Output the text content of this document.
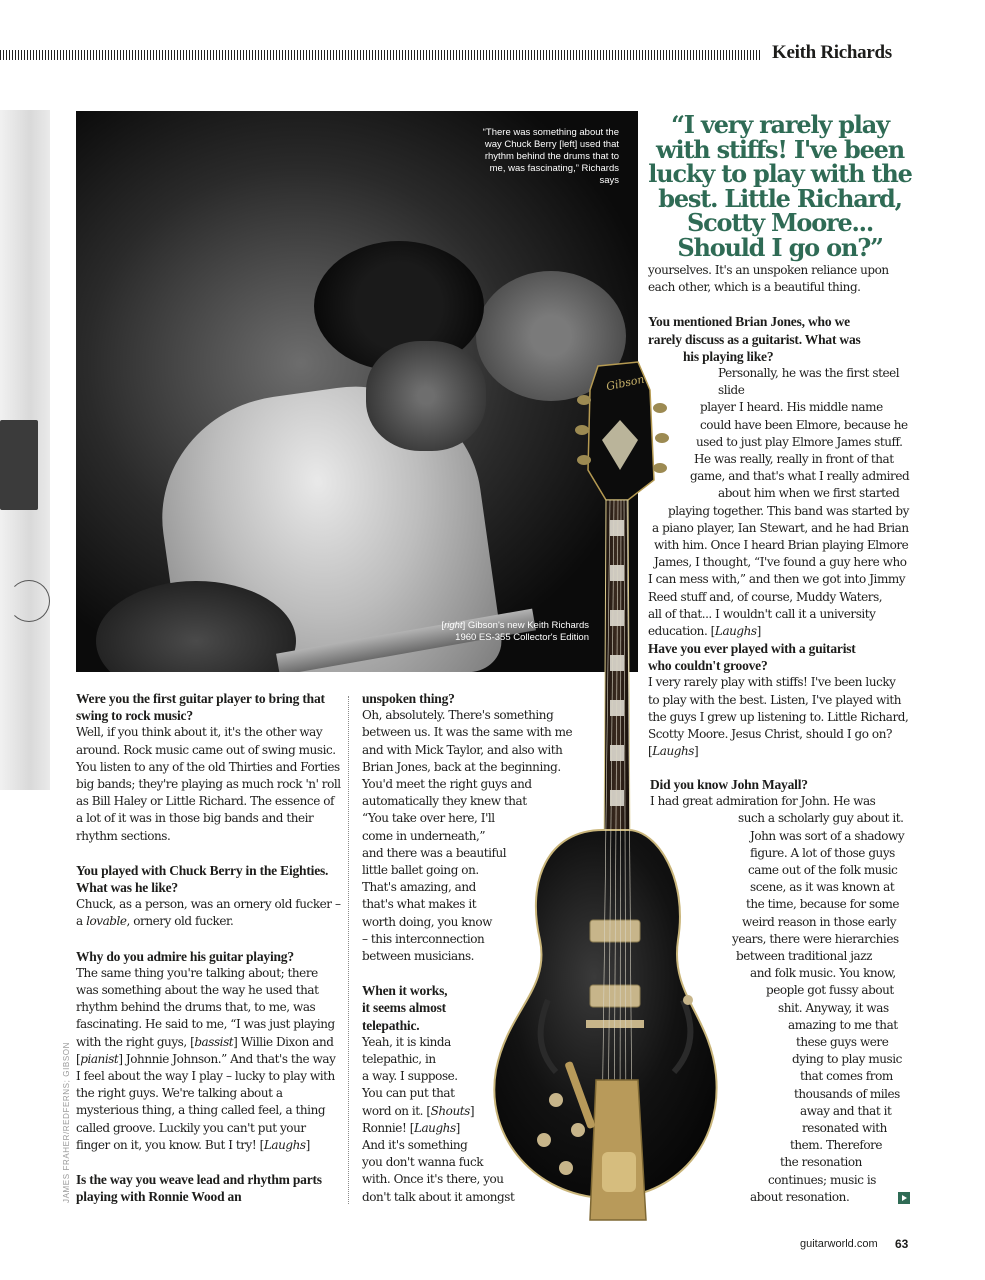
Keith Richards
“There was something about the way Chuck Berry [left] used that rhythm behind the drums that to me, was fascinating,” Richards says
[right] Gibson's new Keith Richards 1960 ES-355 Collector's Edition
“I very rarely play with stiffs! I've been lucky to play with the best. Little Richard, Scotty Moore... Should I go on?”
Were you the first guitar player to bring that swing to rock music?
Well, if you think about it, it's the other way around. Rock music came out of swing music. You listen to any of the old Thirties and Forties big bands; they're playing as much rock 'n' roll as Bill Haley or Little Richard. The essence of a lot of it was in those big bands and their rhythm sections.
You played with Chuck Berry in the Eighties. What was he like?
Chuck, as a person, was an ornery old fucker – a lovable, ornery old fucker.
Why do you admire his guitar playing?
The same thing you're talking about; there was something about the way he used that rhythm behind the drums that, to me, was fascinating. He said to me, “I was just playing with the right guys, [bassist] Willie Dixon and [pianist] Johnnie Johnson.” And that's the way I feel about the way I play – lucky to play with the right guys. We're talking about a mysterious thing, a thing called feel, a thing called groove. Luckily you can't put your finger on it, you know. But I try! [Laughs]
Is the way you weave lead and rhythm parts playing with Ronnie Wood an
unspoken thing?
Oh, absolutely. There's something
between us. It was the same with me
and with Mick Taylor, and also with
Brian Jones, back at the beginning.
You'd meet the right guys and
automatically they knew that
“You take over here, I'll
come in underneath,”
and there was a beautiful
little ballet going on.
That's amazing, and
that's what makes it
worth doing, you know
– this interconnection
between musicians.
When it works,
it seems almost
telepathic.
Yeah, it is kinda
telepathic, in
a way. I suppose.
You can put that
word on it. [Shouts]
Ronnie! [Laughs]
And it's something
you don't wanna fuck
with. Once it's there, you
don't talk about it amongst
Gibson
yourselves. It's an unspoken reliance upon
each other, which is a beautiful thing.
You mentioned Brian Jones, who we
rarely discuss as a guitarist. What was
his playing like?
Personally, he was the first steel slide
player I heard. His middle name
could have been Elmore, because he
used to just play Elmore James stuff.
He was really, really in front of that
game, and that's what I really admired
about him when we first started
playing together. This band was started by
a piano player, Ian Stewart, and he had Brian
with him. Once I heard Brian playing Elmore
James, I thought, “I've found a guy here who
I can mess with,” and then we got into Jimmy
Reed stuff and, of course, Muddy Waters,
all of that... I wouldn't call it a university
education. [Laughs]
Have you ever played with a guitarist
who couldn't groove?
I very rarely play with stiffs! I've been lucky
to play with the best. Listen, I've played with
the guys I grew up listening to. Little Richard,
Scotty Moore. Jesus Christ, should I go on?
[Laughs]
Did you know John Mayall?
I had great admiration for John. He was
such a scholarly guy about it.
John was sort of a shadowy
figure. A lot of those guys
came out of the folk music
scene, as it was known at
the time, because for some
weird reason in those early
years, there were hierarchies
between traditional jazz
and folk music. You know,
people got fussy about
shit. Anyway, it was
amazing to me that
these guys were
dying to play music
that comes from
thousands of miles
away and that it
resonated with
them. Therefore
the resonation
continues; music is
about resonation.
JAMES FRAHER/REDFERNS; GIBSON
guitarworld.com 63
